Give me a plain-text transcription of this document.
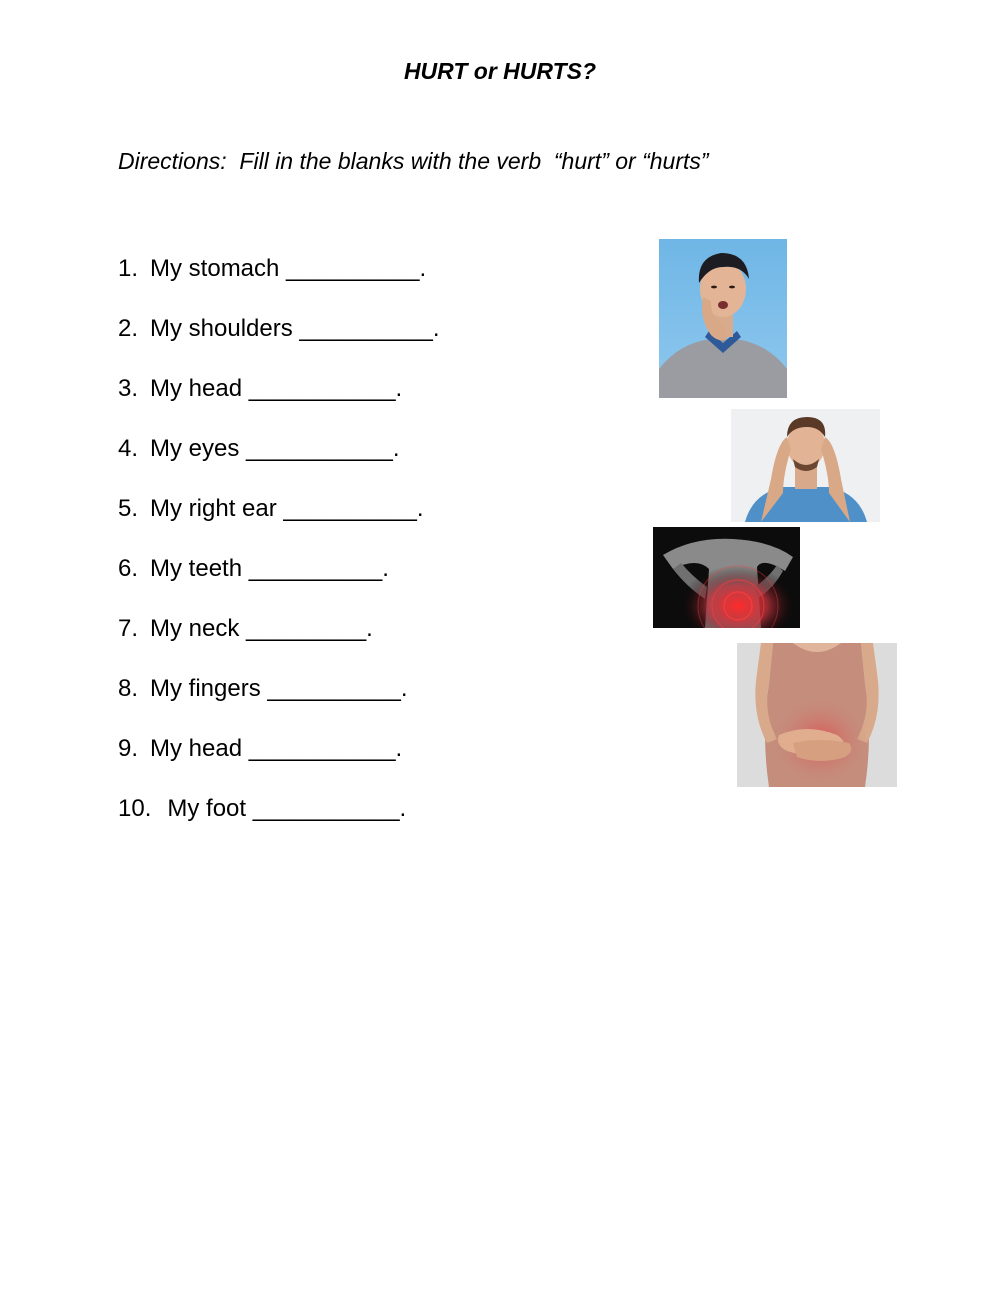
HURT or HURTS?
Directions:  Fill in the blanks with the verb  “hurt” or “hurts”
1. My stomach __________.
2. My shoulders __________.
3. My head ___________.
4. My eyes ___________.
5. My right ear __________.
6. My teeth __________.
7. My neck _________.
8. My fingers __________.
9. My head ___________.
10. My foot ___________.
